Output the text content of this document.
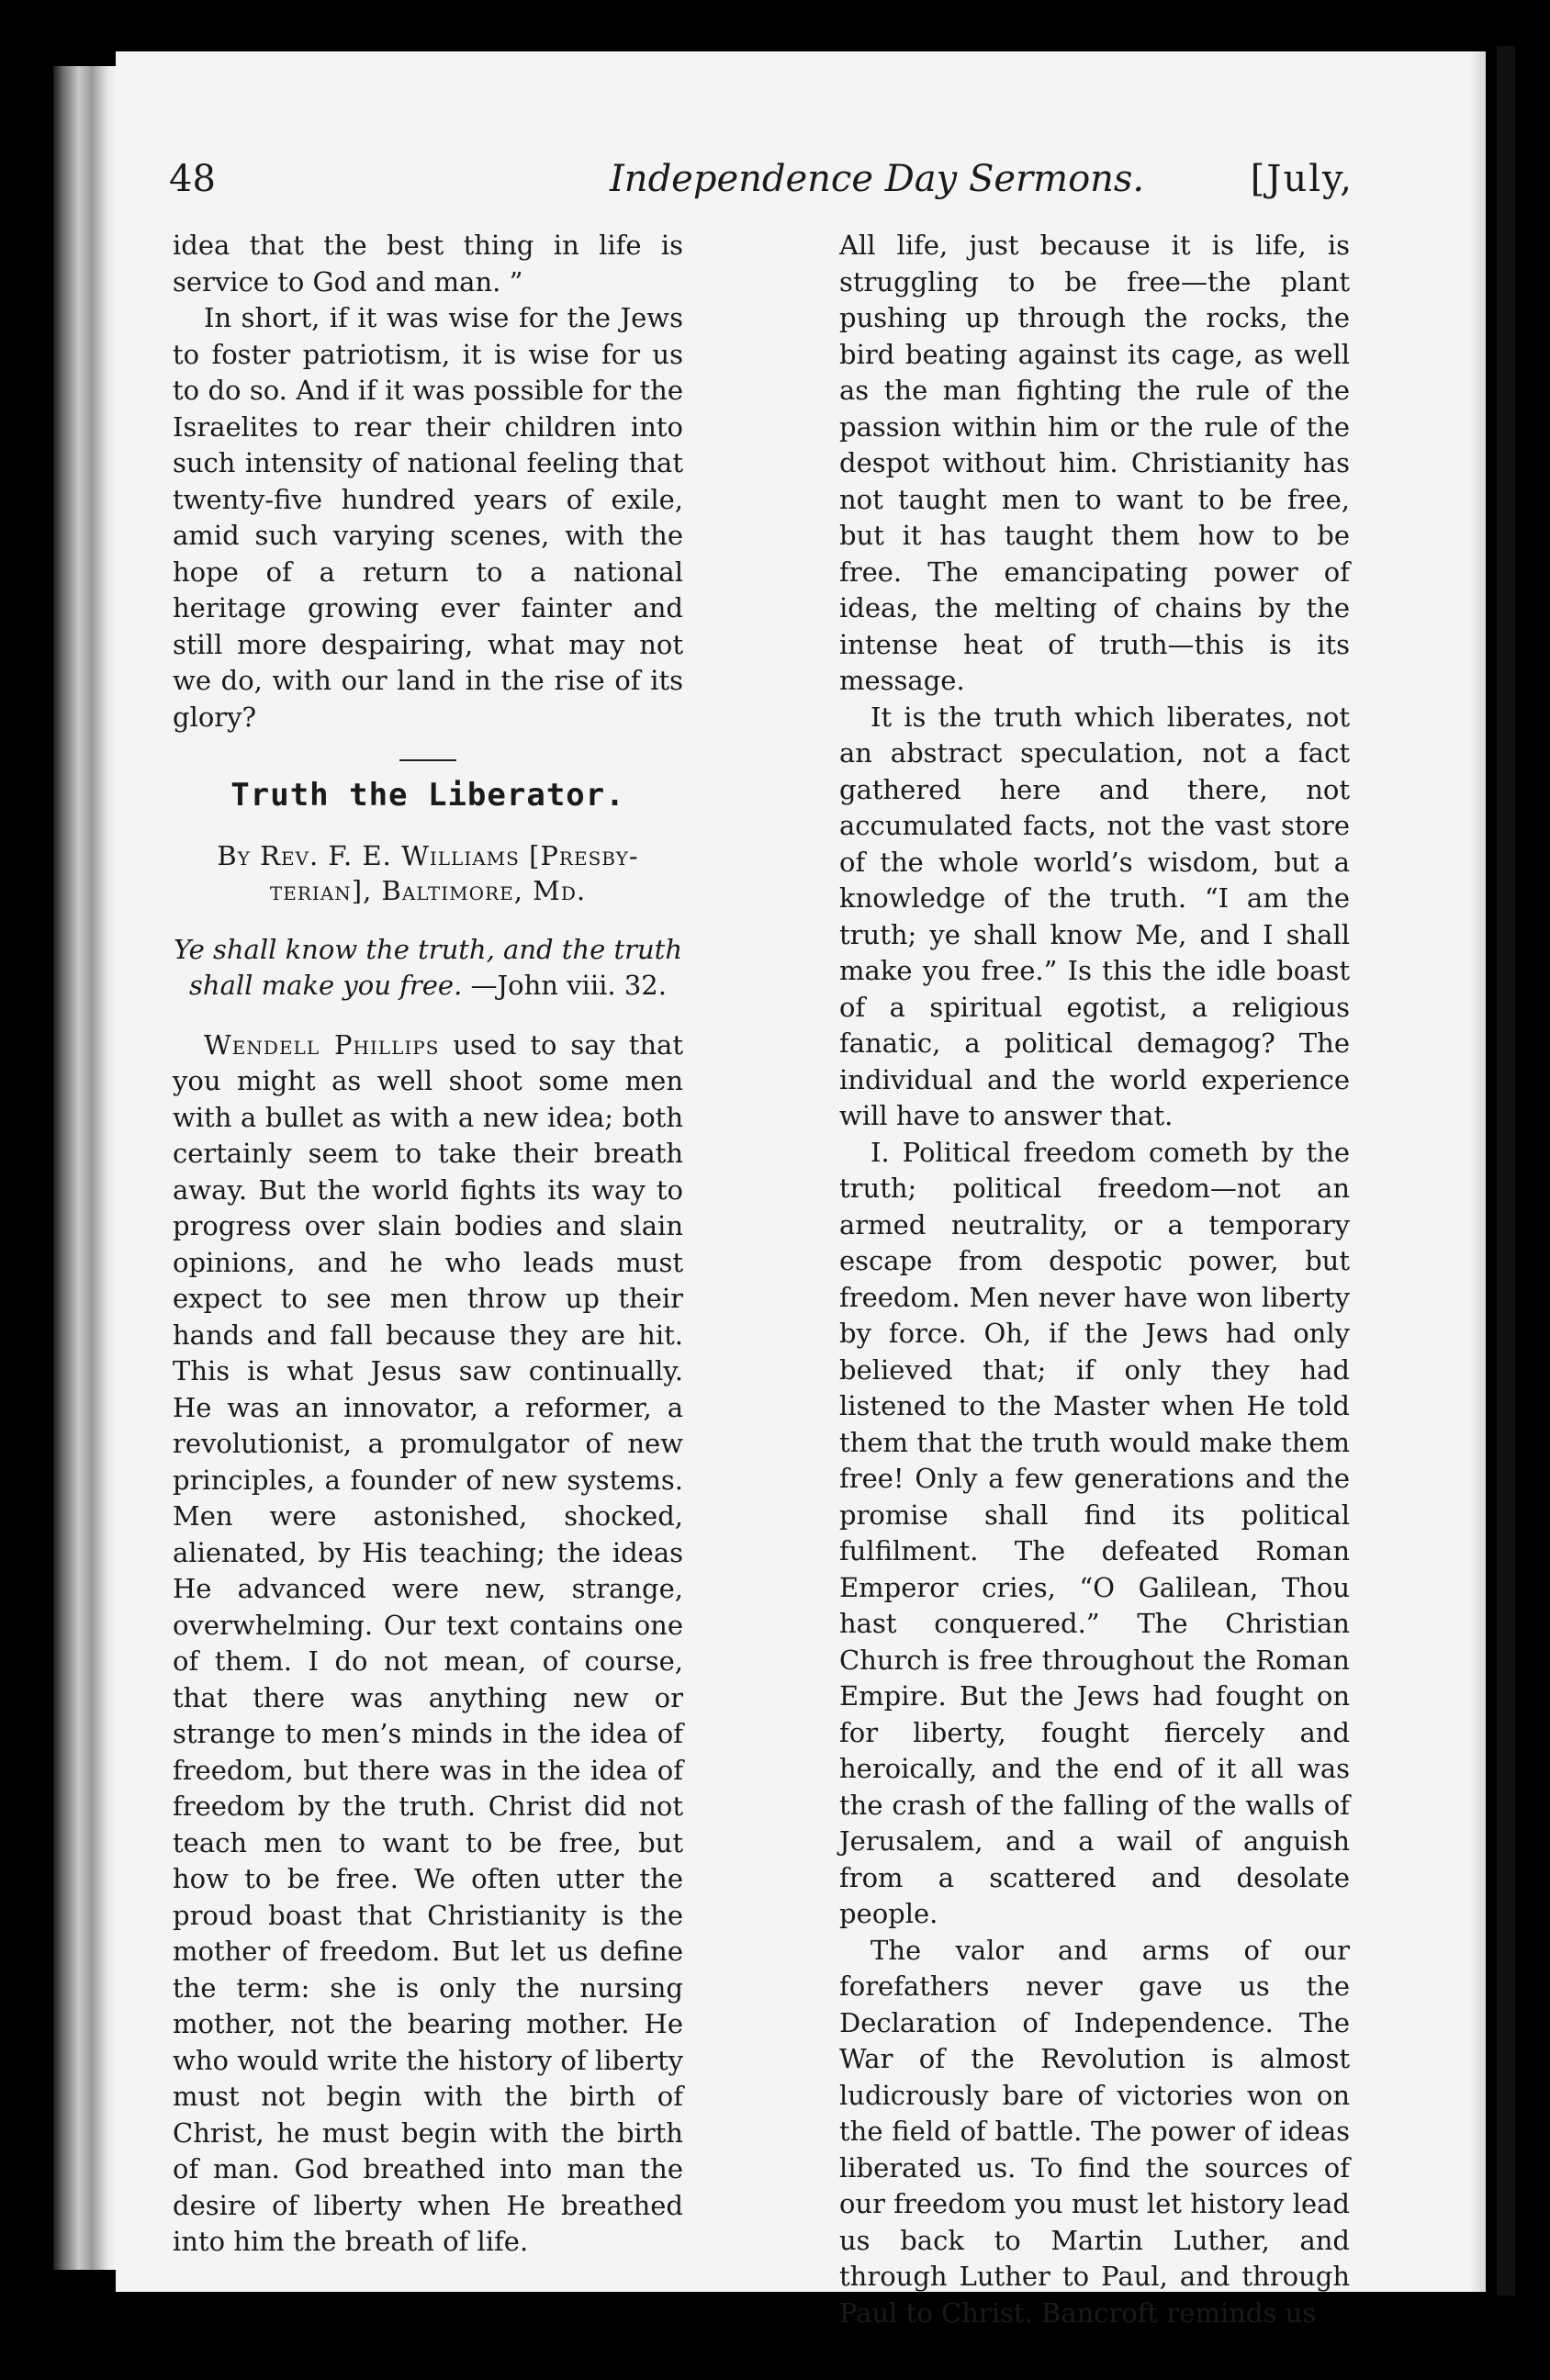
48	Independence Day Sermons.	[July,

idea that the best thing in life is service to God and man. ”

In short, if it was wise for the Jews to foster patriotism, it is wise for us to do so. And if it was possible for the Israelites to rear their children into such intensity of national feeling that twenty-five hundred years of exile, amid such varying scenes, with the hope of a return to a national heritage growing ever fainter and still more despairing, what may not we do, with our land in the rise of its glory?

Truth the Liberator.
By Rev. F. E. Williams [Presby-
terian], Baltimore, Md.
Ye shall know the truth, and the truth shall make you free. —John viii. 32.

Wendell Phillips used to say that you might as well shoot some men with a bullet as with a new idea; both certainly seem to take their breath away. But the world fights its way to progress over slain bodies and slain opinions, and he who leads must expect to see men throw up their hands and fall because they are hit. This is what Jesus saw continually. He was an innovator, a reformer, a revolutionist, a promulgator of new principles, a founder of new systems. Men were astonished, shocked, alienated, by His teaching; the ideas He advanced were new, strange, overwhelming. Our text contains one of them. I do not mean, of course, that there was anything new or strange to men’s minds in the idea of freedom, but there was in the idea of freedom by the truth. Christ did not teach men to want to be free, but how to be free. We often utter the proud boast that Christianity is the mother of freedom. But let us define the term: she is only the nursing mother, not the bearing mother. He who would write the history of liberty must not begin with the birth of Christ, he must begin with the birth of man. God breathed into man the desire of liberty when He breathed into him the breath of life.

All life, just because it is life, is struggling to be free—the plant pushing up through the rocks, the bird beating against its cage, as well as the man fighting the rule of the passion within him or the rule of the despot without him. Christianity has not taught men to want to be free, but it has taught them how to be free. The emancipating power of ideas, the melting of chains by the intense heat of truth—this is its message.

It is the truth which liberates, not an abstract speculation, not a fact gathered here and there, not accumulated facts, not the vast store of the whole world’s wisdom, but a knowledge of the truth. “I am the truth; ye shall know Me, and I shall make you free.” Is this the idle boast of a spiritual egotist, a religious fanatic, a political demagog? The individual and the world experience will have to answer that.

I. Political freedom cometh by the truth; political freedom—not an armed neutrality, or a temporary escape from despotic power, but freedom. Men never have won liberty by force. Oh, if the Jews had only believed that; if only they had listened to the Master when He told them that the truth would make them free! Only a few generations and the promise shall find its political fulfilment. The defeated Roman Emperor cries, “O Galilean, Thou hast conquered.” The Christian Church is free throughout the Roman Empire. But the Jews had fought on for liberty, fought fiercely and heroically, and the end of it all was the crash of the falling of the walls of Jerusalem, and a wail of anguish from a scattered and desolate people.

The valor and arms of our forefathers never gave us the Declaration of Independence. The War of the Revolution is almost ludicrously bare of victories won on the field of battle. The power of ideas liberated us. To find the sources of our freedom you must let history lead us back to Martin Luther, and through Luther to Paul, and through Paul to Christ. Bancroft reminds us
